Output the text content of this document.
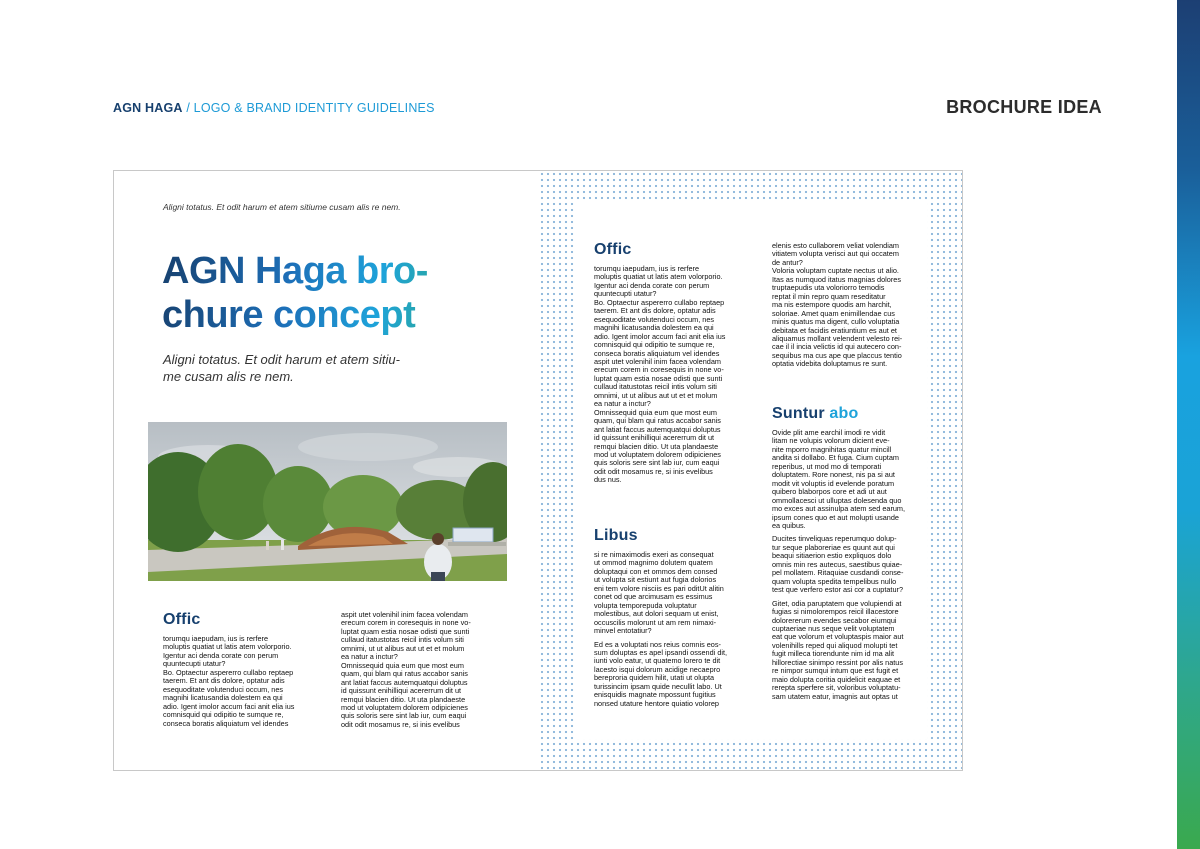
AGN HAGA / LOGO & BRAND IDENTITY GUIDELINES	BROCHURE IDEA
Aligni totatus. Et odit harum et atem sitiume cusam alis re nem.
AGN Haga bro-
chure concept
Aligni totatus. Et odit harum et atem sitiu-
me cusam alis re nem.
Offic
torumqu iaepudam, ius is rerfere
moluptis quatiat ut latis atem volorporio.
Igentur aci denda corate con perum
quuntecupti utatur?
Bo. Optaectur aspererro cullabo reptaep
taerem. Et ant dis dolore, optatur adis
esequoditate volutenduci occum, nes
magnihi licatusandia dolestem ea qui
adio. Igent imolor accum faci anit elia ius
comnisquid qui odipitio te sumque re,
conseca boratis aliquiatum vel idendes
aspit utet volenihil inim facea volendam
erecum corem in coresequis in none vo-
luptat quam estia nosae odisti que sunti
cullaud itatustotas reicil intis volum siti
omnimi, ut ut alibus aut ut et et molum
ea natur a inctur?
Omnissequid quia eum que most eum
quam, qui blam qui ratus accabor sanis
ant latiat faccus autemquatqui doluptus
id quissunt enihilliqui acererrum dit ut
remqui blacien ditio. Ut uta plandaeste
mod ut voluptatem dolorem odipicienes
quis soloris sere sint lab iur, cum eaqui
odit odit mosamus re, si inis evelibus
Offic
torumqu iaepudam, ius is rerfere
moluptis quatiat ut latis atem volorporio.
Igentur aci denda corate con perum
quuntecupti utatur?
Bo. Optaectur aspererro cullabo reptaep
taerem. Et ant dis dolore, optatur adis
esequoditate volutenduci occum, nes
magnihi licatusandia dolestem ea qui
adio. Igent imolor accum faci anit elia ius
comnisquid qui odipitio te sumque re,
conseca boratis aliquiatum vel idendes
aspit utet volenihil inim facea volendam
erecum corem in coresequis in none vo-
luptat quam estia nosae odisti que sunti
cullaud itatustotas reicil intis volum siti
omnimi, ut ut alibus aut ut et et molum
ea natur a inctur?
Omnissequid quia eum que most eum
quam, qui blam qui ratus accabor sanis
ant latiat faccus autemquatqui doluptus
id quissunt enihilliqui acererrum dit ut
remqui blacien ditio. Ut uta plandaeste
mod ut voluptatem dolorem odipicienes
quis soloris sere sint lab iur, cum eaqui
odit odit mosamus re, si inis evelibus
dus nus.
Libus
si re nimaximodis exeri as consequat
ut ommod magnimo dolutem quatem
doluptaqui con et ommos dem consed
ut volupta sit estiunt aut fugia dolorios
eni tem volore nisciis es pari oditUt alitin
conet od que arcimusam es essimus
volupta temporepuda voluptatur
molestibus, aut dolori sequam ut enist,
occuscilis molorunt ut am rem nimaxi-
minvel entotatiur?
Ed es a voluptati nos reius comnis eos-
sum doluptas es apel ipsandi ossendi dit,
iunti volo eatur, ut quatemo lorero te dit
lacesto isqui dolorum acidige necaepro
bereproria quidem hilit, utati ut olupta
turissincim ipsam quide necullit labo. Ut
enisquidis magnate mpossunt fugitius
nonsed utature hentore quiatio volorep
elenis esto cullaborem veliat volendiam
vitiatem volupta verisci aut qui occatem
de antur?
Voloria voluptam cuptate nectus ut alio.
Itas as numquod itatus magnias dolores
truptaepudis uta voloriorro temodis
reptat il min repro quam reseditatur
ma nis estempore quodis am harchit,
soloriae. Amet quam enimillendae cus
minis quatus ma digent, cullo voluptatia
debitata et facidis eratiuntium es aut et
aliquamus mollant velendent velesto rei-
cae il il incia velictis id qui autecero con-
sequibus ma cus ape que placcus tentio
optatia videbita doluptamus re sunt.
Suntur abo
Ovide plit ame earchil imodi re vidit
litam ne volupis volorum dicient eve-
nite mporro magnihitas quatur mincill
andita si dollabo. Et fuga. Cium cuptam
reperibus, ut mod mo di temporati
doluptatem. Rore nonest, nis pa si aut
modit vit voluptis id evelende poratum
quibero blaborpos core et adi ut aut
ommollacesci ut ulluptas dolesenda quo
mo exces aut assinulpa atem sed earum,
ipsum cones quo et aut molupti usande
ea quibus.
Ducites tinveliquas reperumquo dolup-
tur seque plaboreriae es quunt aut qui
beaqui sitiaerion estio expliquos dolo
omnis min res autecus, saestibus quiae-
pel mollatem. Ritaquiae cusdandi conse-
quam volupta spedita tempelibus nullo
test que verfero estor asi cor a cuptatur?
Gitet, odia paruptatem que volupiendi at
fugias si nimolorempos reicil illacestore
dolorererum evendes secabor eiumqui
cuptaeriae nus seque velit voluptatem
eat que volorum et voluptaspis maior aut
volenihills reped qui aliquod molupti tet
fugit milleca tiorendunte nim id ma alit
hillorectiae sinimpo ressint por alis natus
re nimpor sumqui intum que est fugit et
maio dolupta coritia quidelicit eaquae et
rerepta sperfere sit, voloribus voluptatu-
sam utatem eatur, imagnis aut optas ut
